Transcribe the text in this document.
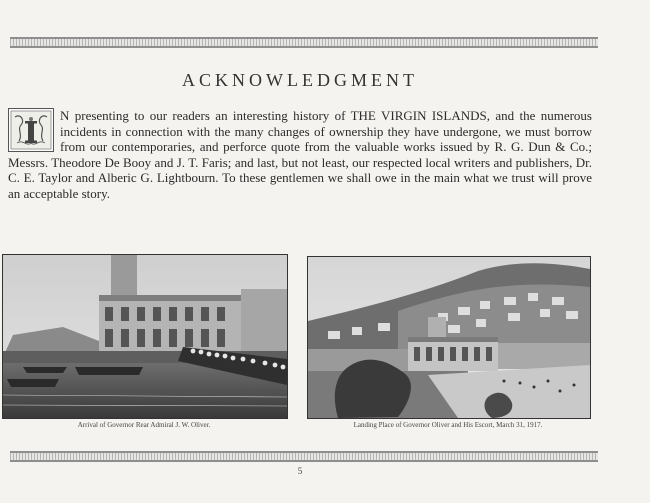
ACKNOWLEDGMENT
N presenting to our readers an interesting history of THE VIRGIN ISLANDS, and the numerous incidents in connection with the many changes of ownership they have undergone, we must borrow from our contemporaries, and perforce quote from the valuable works issued by R. G. Dun & Co.; Messrs. Theodore De Booy and J. T. Faris; and last, but not least, our respected local writers and publishers, Dr. C. E. Taylor and Alberic G. Lightbourn. To these gentlemen we shall owe in the main what we trust will prove an acceptable story.
Arrival of Governor Rear Admiral J. W. Oliver.	Landing Place of Governor Oliver and His Escort, March 31, 1917.
5
